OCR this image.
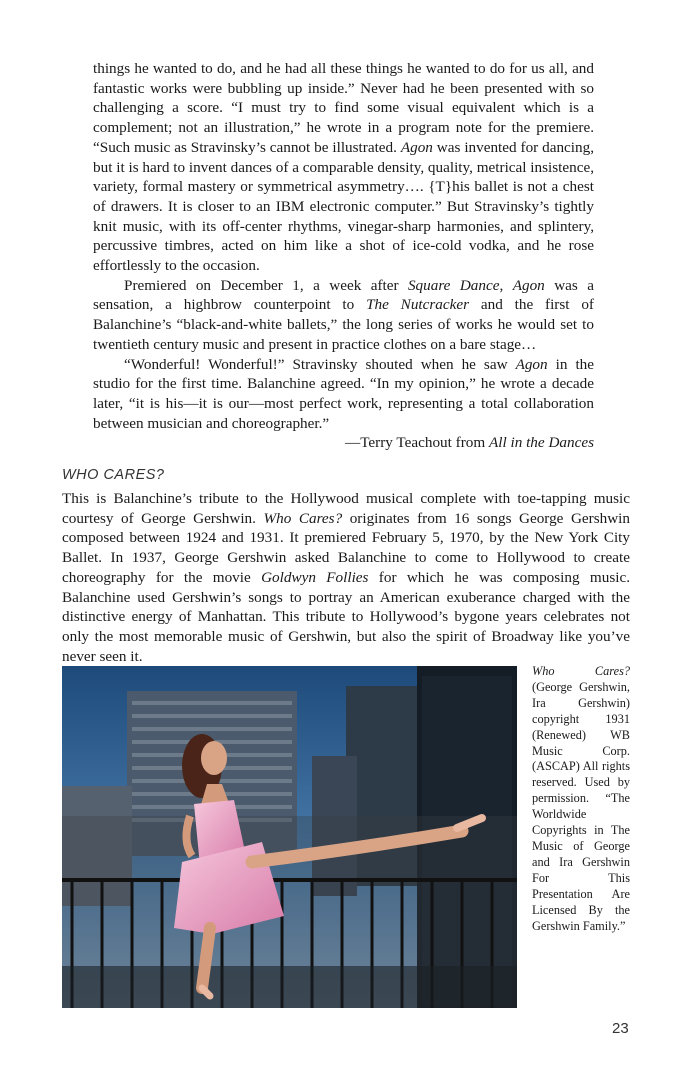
things he wanted to do, and he had all these things he wanted to do for us all, and fantastic works were bubbling up inside.” Never had he been presented with so challenging a score. “I must try to find some visual equivalent which is a complement; not an illustration,” he wrote in a program note for the premiere. “Such music as Stravinsky’s cannot be illustrated. Agon was invented for dancing, but it is hard to invent dances of a comparable density, quality, metrical insistence, variety, formal mastery or symmetrical asymmetry…. {T}his ballet is not a chest of drawers. It is closer to an IBM electronic computer.” But Stravinsky’s tightly knit music, with its off-center rhythms, vinegar-sharp harmonies, and splintery, percussive timbres, acted on him like a shot of ice-cold vodka, and he rose effortlessly to the occasion.

Premiered on December 1, a week after Square Dance, Agon was a sensation, a highbrow counterpoint to The Nutcracker and the first of Balanchine’s “black-and-white ballets,” the long series of works he would set to twentieth century music and present in practice clothes on a bare stage…

“Wonderful! Wonderful!” Stravinsky shouted when he saw Agon in the studio for the first time. Balanchine agreed. “In my opinion,” he wrote a decade later, “it is his—it is our—most perfect work, representing a total collaboration between musician and choreographer.”

—Terry Teachout from All in the Dances

WHO CARES?

This is Balanchine’s tribute to the Hollywood musical complete with toe-tapping music courtesy of George Gershwin. Who Cares? originates from 16 songs George Gershwin composed between 1924 and 1931. It premiered February 5, 1970, by the New York City Ballet. In 1937, George Gershwin asked Balanchine to come to Hollywood to create choreography for the movie Goldwyn Follies for which he was composing music. Balanchine used Gershwin’s songs to portray an American exuberance charged with the distinctive energy of Manhattan. This tribute to Hollywood’s bygone years celebrates not only the most memorable music of Gershwin, but also the spirit of Broadway like you’ve never seen it.

Who Cares? (George Gershwin, Ira Gershwin) copyright 1931 (Renewed) WB Music Corp. (ASCAP) All rights reserved. Used by permission. “The Worldwide Copyrights in The Music of George and Ira Gershwin For This Presentation Are Licensed By the Gershwin Family.”

23
